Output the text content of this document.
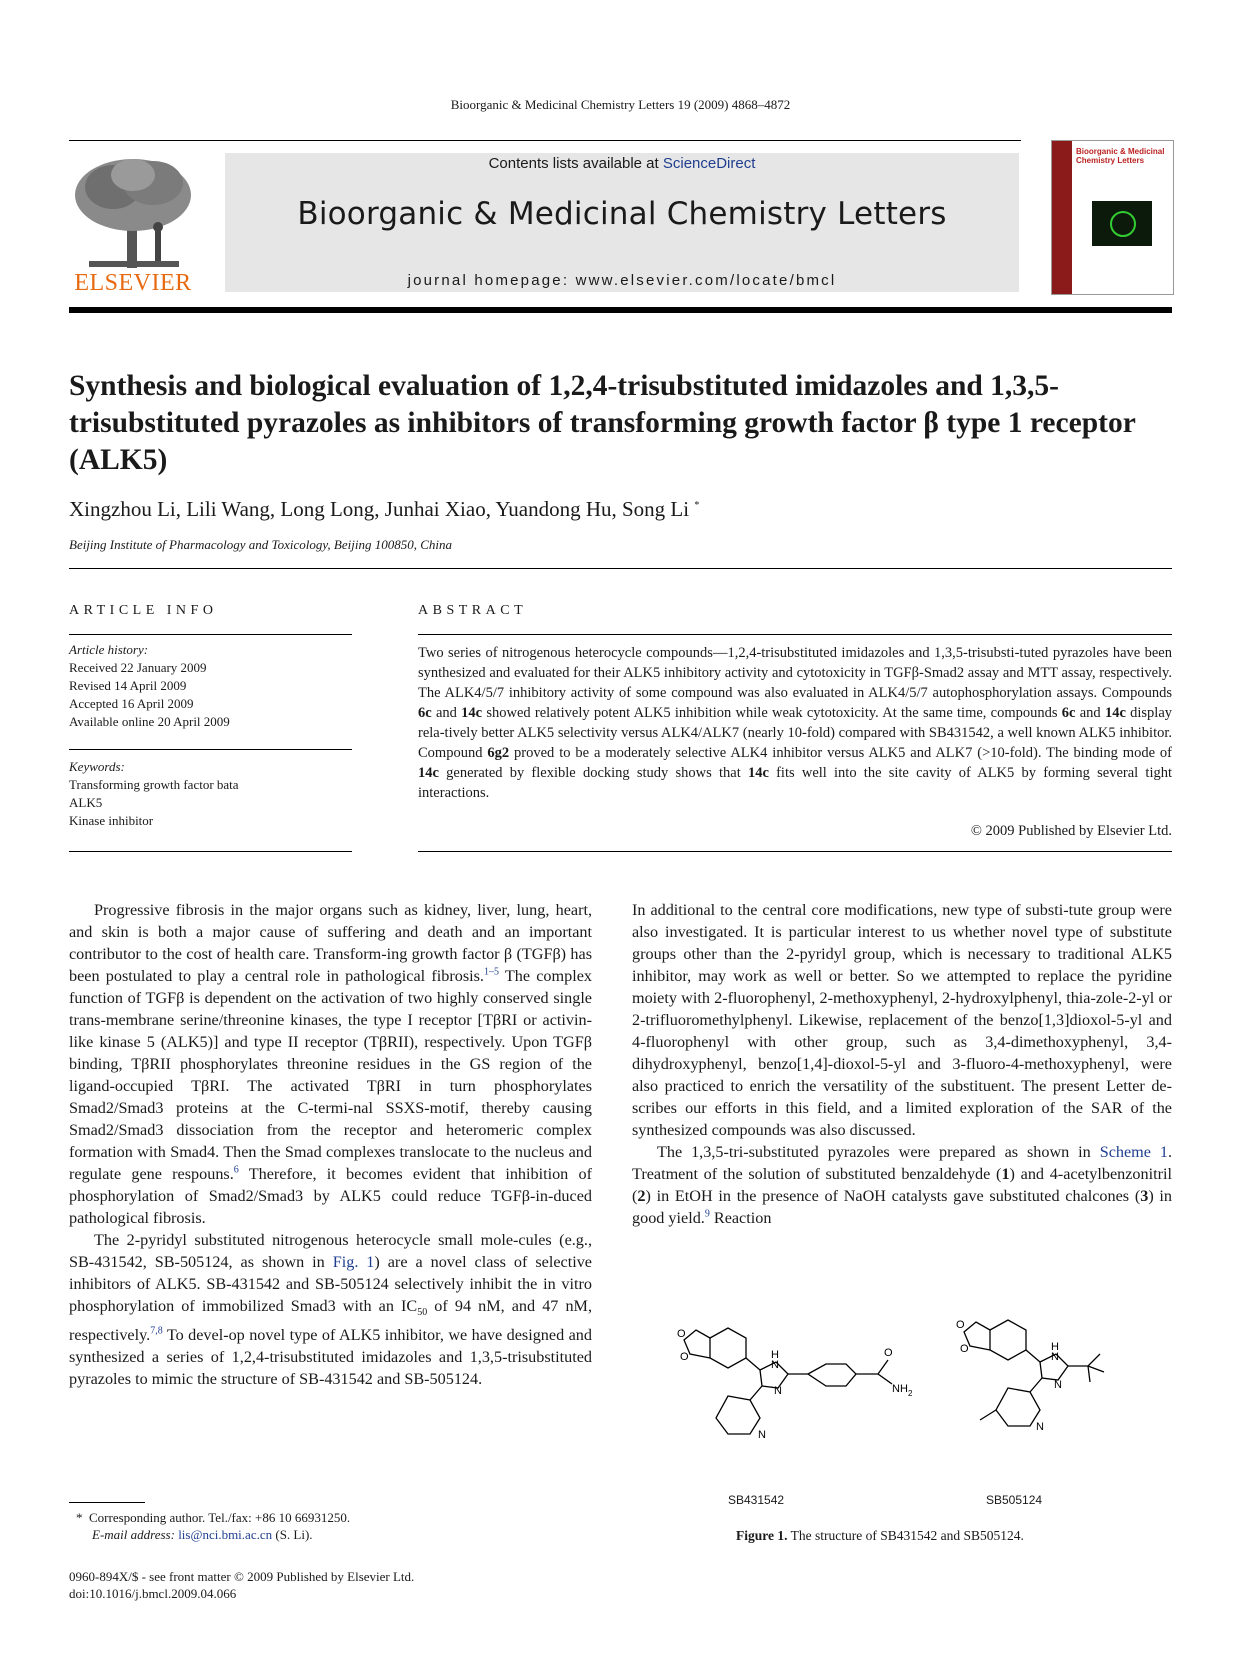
Bioorganic & Medicinal Chemistry Letters 19 (2009) 4868–4872
ELSEVIER
Contents lists available at ScienceDirect
Bioorganic & Medicinal Chemistry Letters
journal homepage: www.elsevier.com/locate/bmcl
Bioorganic & Medicinal Chemistry Letters
Synthesis and biological evaluation of 1,2,4-trisubstituted imidazoles and 1,3,5-trisubstituted pyrazoles as inhibitors of transforming growth factor β type 1 receptor (ALK5)
Xingzhou Li, Lili Wang, Long Long, Junhai Xiao, Yuandong Hu, Song Li *
Beijing Institute of Pharmacology and Toxicology, Beijing 100850, China
ARTICLE INFO
Article history:
Received 22 January 2009
Revised 14 April 2009
Accepted 16 April 2009
Available online 20 April 2009
Keywords:
Transforming growth factor bata
ALK5
Kinase inhibitor
ABSTRACT

Two series of nitrogenous heterocycle compounds—1,2,4-trisubstituted imidazoles and 1,3,5-trisubsti-tuted pyrazoles have been synthesized and evaluated for their ALK5 inhibitory activity and cytotoxicity in TGFβ-Smad2 assay and MTT assay, respectively. The ALK4/5/7 inhibitory activity of some compound was also evaluated in ALK4/5/7 autophosphorylation assays. Compounds 6c and 14c showed relatively potent ALK5 inhibition while weak cytotoxicity. At the same time, compounds 6c and 14c display rela-tively better ALK5 selectivity versus ALK4/ALK7 (nearly 10-fold) compared with SB431542, a well known ALK5 inhibitor. Compound 6g2 proved to be a moderately selective ALK4 inhibitor versus ALK5 and ALK7 (>10-fold). The binding mode of 14c generated by flexible docking study shows that 14c fits well into the site cavity of ALK5 by forming several tight interactions.

© 2009 Published by Elsevier Ltd.

Progressive fibrosis in the major organs such as kidney, liver, lung, heart, and skin is both a major cause of suffering and death and an important contributor to the cost of health care. Transform-ing growth factor β (TGFβ) has been postulated to play a central role in pathological fibrosis.$^{1-5}$ The complex function of TGFβ is dependent on the activation of two highly conserved single trans-membrane serine/threonine kinases, the type I receptor [TβRI or activin-like kinase 5 (ALK5)] and type II receptor (TβRII), respectively. Upon TGFβ binding, TβRII phosphorylates threonine residues in the GS region of the ligand-occupied TβRI. The activated TβRI in turn phosphorylates Smad2/Smad3 proteins at the C-termi-nal SSXS-motif, thereby causing Smad2/Smad3 dissociation from the receptor and heteromeric complex formation with Smad4. Then the Smad complexes translocate to the nucleus and regulate gene respouns.$^6$ Therefore, it becomes evident that inhibition of phosphorylation of Smad2/Smad3 by ALK5 could reduce TGFβ-in-duced pathological fibrosis.

The 2-pyridyl substituted nitrogenous heterocycle small mole-cules (e.g., SB-431542, SB-505124, as shown in Fig. 1) are a novel class of selective inhibitors of ALK5. SB-431542 and SB-505124 selectively inhibit the in vitro phosphorylation of immobilized Smad3 with an $IC_{50}$ of 94 nM, and 47 nM, respectively.$^{7,8}$ To devel-op novel type of ALK5 inhibitor, we have designed and synthesized a series of 1,2,4-trisubstituted imidazoles and 1,3,5-trisubstituted pyrazoles to mimic the structure of SB-431542 and SB-505124.

In additional to the central core modifications, new type of substi-tute group were also investigated. It is particular interest to us whether novel type of substitute groups other than the 2-pyridyl group, which is necessary to traditional ALK5 inhibitor, may work as well or better. So we attempted to replace the pyridine moiety with 2-fluorophenyl, 2-methoxyphenyl, 2-hydroxylphenyl, thia-zole-2-yl or 2-trifluoromethylphenyl. Likewise, replacement of the benzo[1,3]dioxol-5-yl and 4-fluorophenyl with other group, such as 3,4-dimethoxyphenyl, 3,4-dihydroxyphenyl, benzo[1,4]-dioxol-5-yl and 3-fluoro-4-methoxyphenyl, were also practiced to enrich the versatility of the substituent. The present Letter de-scribes our efforts in this field, and a limited exploration of the SAR of the synthesized compounds was also discussed.

The 1,3,5-tri-substituted pyrazoles were prepared as shown in Scheme 1. Treatment of the solution of substituted benzaldehyde (1) and 4-acetylbenzonitril (2) in EtOH in the presence of NaOH catalysts gave substituted chalcones (3) in good yield.$^9$ Reaction

O
O	H
N
N
N
O
NH 2
O
O	H
N
N
N
SB431542	SB505124
Figure 1. The structure of SB431542 and SB505124.
* Corresponding author. Tel./fax: +86 10 66931250.
E-mail address: lis@nci.bmi.ac.cn (S. Li).
0960-894X/$ - see front matter © 2009 Published by Elsevier Ltd.
doi:10.1016/j.bmcl.2009.04.066
